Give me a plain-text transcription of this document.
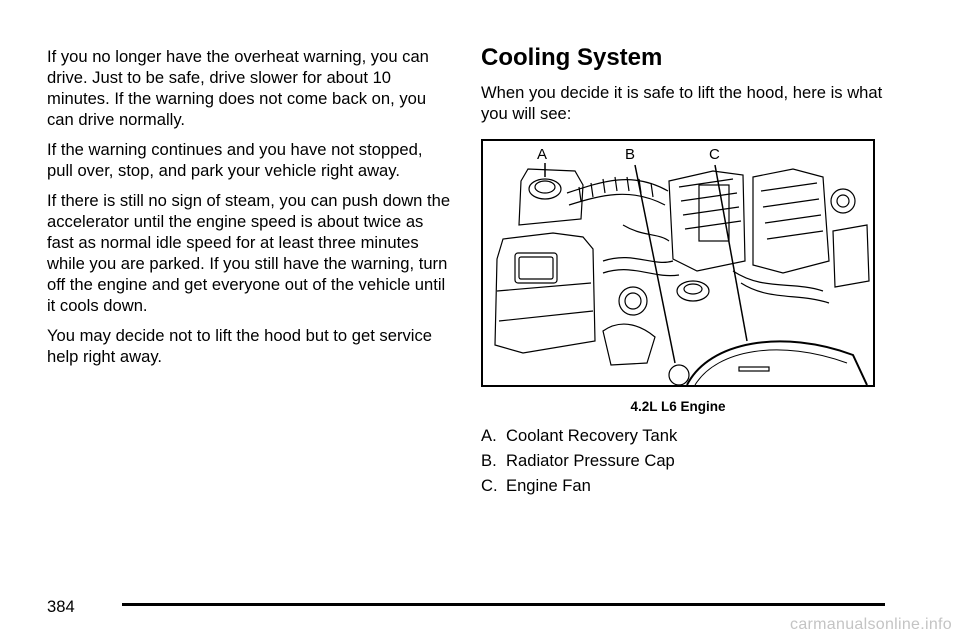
If you no longer have the overheat warning, you can drive. Just to be safe, drive slower for about 10 minutes. If the warning does not come back on, you can drive normally.

If the warning continues and you have not stopped, pull over, stop, and park your vehicle right away.

If there is still no sign of steam, you can push down the accelerator until the engine speed is about twice as fast as normal idle speed for at least three minutes while you are parked. If you still have the warning, turn off the engine and get everyone out of the vehicle until it cools down.

You may decide not to lift the hood but to get service help right away.

Cooling System

When you decide it is safe to lift the hood, here is what you will see:

A	B	C
4.2L L6 Engine
A. Coolant Recovery Tank
B. Radiator Pressure Cap
C. Engine Fan
384
carmanualsonline.info
